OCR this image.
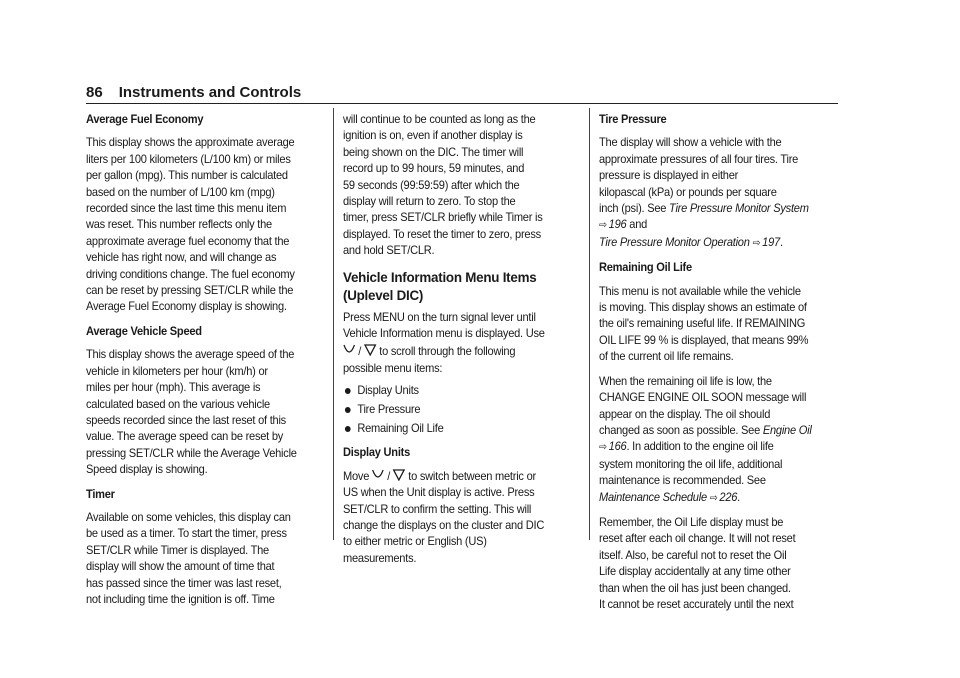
86 Instruments and Controls
Average Fuel Economy
This display shows the approximate average
liters per 100 kilometers (L/100 km) or miles
per gallon (mpg). This number is calculated
based on the number of L/100 km (mpg)
recorded since the last time this menu item
was reset. This number reflects only the
approximate average fuel economy that the
vehicle has right now, and will change as
driving conditions change. The fuel economy
can be reset by pressing SET/CLR while the
Average Fuel Economy display is showing.
Average Vehicle Speed
This display shows the average speed of the
vehicle in kilometers per hour (km/h) or
miles per hour (mph). This average is
calculated based on the various vehicle
speeds recorded since the last reset of this
value. The average speed can be reset by
pressing SET/CLR while the Average Vehicle
Speed display is showing.
Timer
Available on some vehicles, this display can
be used as a timer. To start the timer, press
SET/CLR while Timer is displayed. The
display will show the amount of time that
has passed since the timer was last reset,
not including time the ignition is off. Time
will continue to be counted as long as the
ignition is on, even if another display is
being shown on the DIC. The timer will
record up to 99 hours, 59 minutes, and
59 seconds (99:59:59) after which the
display will return to zero. To stop the
timer, press SET/CLR briefly while Timer is
displayed. To reset the timer to zero, press
and hold SET/CLR.
Vehicle Information Menu Items
(Uplevel DIC)
Press MENU on the turn signal lever until
Vehicle Information menu is displayed. Use
/ to scroll through the following
possible menu items:
Display Units
Tire Pressure
Remaining Oil Life
Display Units
Move / to switch between metric or
US when the Unit display is active. Press
SET/CLR to confirm the setting. This will
change the displays on the cluster and DIC
to either metric or English (US)
measurements.
Tire Pressure
The display will show a vehicle with the
approximate pressures of all four tires. Tire
pressure is displayed in either
kilopascal (kPa) or pounds per square
inch (psi). See Tire Pressure Monitor System
⇨ 196 and
Tire Pressure Monitor Operation ⇨ 197.
Remaining Oil Life
This menu is not available while the vehicle
is moving. This display shows an estimate of
the oil's remaining useful life. If REMAINING
OIL LIFE 99 % is displayed, that means 99%
of the current oil life remains.
When the remaining oil life is low, the
CHANGE ENGINE OIL SOON message will
appear on the display. The oil should
changed as soon as possible. See Engine Oil
⇨ 166. In addition to the engine oil life
system monitoring the oil life, additional
maintenance is recommended. See
Maintenance Schedule ⇨ 226.
Remember, the Oil Life display must be
reset after each oil change. It will not reset
itself. Also, be careful not to reset the Oil
Life display accidentally at any time other
than when the oil has just been changed.
It cannot be reset accurately until the next
